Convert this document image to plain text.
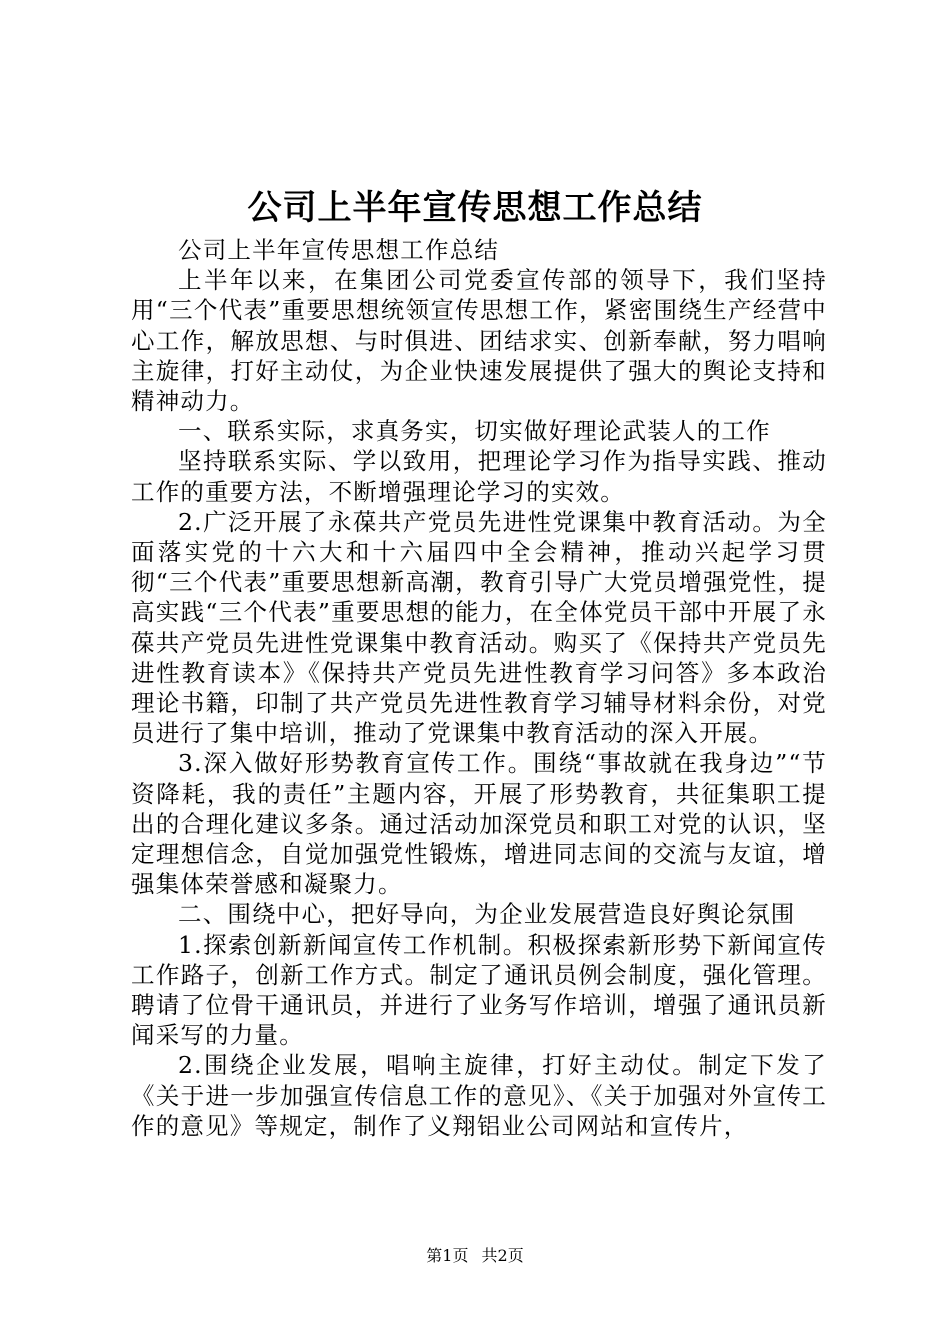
公司上半年宣传思想工作总结

公司上半年宣传思想工作总结

上半年以来，在集团公司党委宣传部的领导下，我们坚持用“三个代表”重要思想统领宣传思想工作，紧密围绕生产经营中心工作，解放思想、与时俱进、团结求实、创新奉献，努力唱响主旋律，打好主动仗，为企业快速发展提供了强大的舆论支持和精神动力。

一、联系实际，求真务实，切实做好理论武装人的工作

坚持联系实际、学以致用，把理论学习作为指导实践、推动工作的重要方法，不断增强理论学习的实效。

2.广泛开展了永葆共产党员先进性党课集中教育活动。为全面落实党的十六大和十六届四中全会精神，推动兴起学习贯彻“三个代表”重要思想新高潮，教育引导广大党员增强党性，提高实践“三个代表”重要思想的能力，在全体党员干部中开展了永葆共产党员先进性党课集中教育活动。购买了《保持共产党员先进性教育读本》《保持共产党员先进性教育学习问答》多本政治理论书籍，印制了共产党员先进性教育学习辅导材料余份，对党员进行了集中培训，推动了党课集中教育活动的深入开展。

3.深入做好形势教育宣传工作。围绕“事故就在我身边”“节资降耗，我的责任”主题内容，开展了形势教育，共征集职工提出的合理化建议多条。通过活动加深党员和职工对党的认识，坚定理想信念，自觉加强党性锻炼，增进同志间的交流与友谊，增强集体荣誉感和凝聚力。

二、围绕中心，把好导向，为企业发展营造良好舆论氛围

1.探索创新新闻宣传工作机制。积极探索新形势下新闻宣传工作路子，创新工作方式。制定了通讯员例会制度，强化管理。聘请了位骨干通讯员，并进行了业务写作培训，增强了通讯员新闻采写的力量。

2.围绕企业发展，唱响主旋律，打好主动仗。制定下发了《关于进一步加强宣传信息工作的意见》、《关于加强对外宣传工作的意见》等规定，制作了义翔铝业公司网站和宣传片，

第1页 共2页
